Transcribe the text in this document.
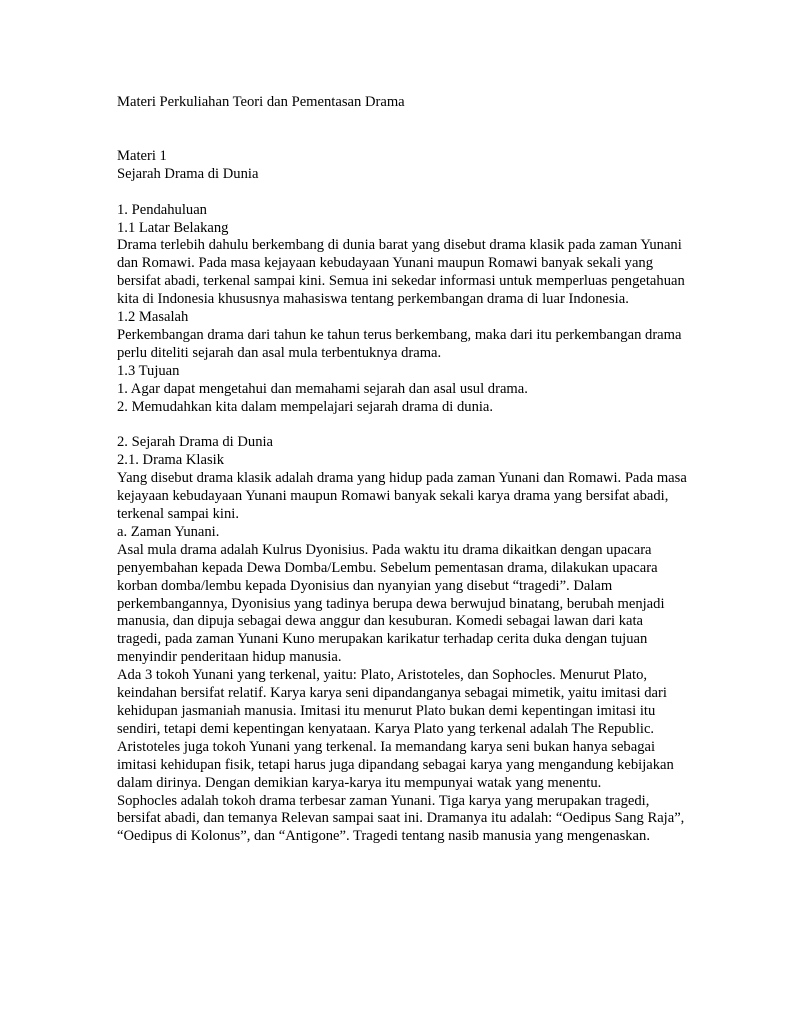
Materi Perkuliahan Teori dan Pementasan Drama

Materi 1

Sejarah Drama di Dunia

1. Pendahuluan

1.1 Latar Belakang

Drama terlebih dahulu berkembang di dunia barat yang disebut drama klasik pada zaman Yunani dan Romawi. Pada masa kejayaan kebudayaan Yunani maupun Romawi banyak sekali yang bersifat abadi, terkenal sampai kini. Semua ini sekedar informasi untuk memperluas pengetahuan kita di Indonesia khususnya mahasiswa tentang perkembangan drama di luar Indonesia.

1.2 Masalah

Perkembangan drama dari tahun ke tahun terus berkembang, maka dari itu perkembangan drama perlu diteliti sejarah dan asal mula terbentuknya drama.

1.3 Tujuan

1. Agar dapat mengetahui dan memahami sejarah dan asal usul drama.

2. Memudahkan kita dalam mempelajari sejarah drama di dunia.

2. Sejarah Drama di Dunia

2.1. Drama Klasik

Yang disebut drama klasik adalah drama yang hidup pada zaman Yunani dan Romawi. Pada masa kejayaan kebudayaan Yunani maupun Romawi banyak sekali karya drama yang bersifat abadi, terkenal sampai kini.

a. Zaman Yunani.

Asal mula drama adalah Kulrus Dyonisius. Pada waktu itu drama dikaitkan dengan upacara penyembahan kepada Dewa Domba/Lembu. Sebelum pementasan drama, dilakukan upacara korban domba/lembu kepada Dyonisius dan nyanyian yang disebut “tragedi”. Dalam perkembangannya, Dyonisius yang tadinya berupa dewa berwujud binatang, berubah menjadi manusia, dan dipuja sebagai dewa anggur dan kesuburan. Komedi sebagai lawan dari kata tragedi, pada zaman Yunani Kuno merupakan karikatur terhadap cerita duka dengan tujuan menyindir penderitaan hidup manusia.

Ada 3 tokoh Yunani yang terkenal, yaitu: Plato, Aristoteles, dan Sophocles. Menurut Plato, keindahan bersifat relatif. Karya karya seni dipandanganya sebagai mimetik, yaitu imitasi dari kehidupan jasmaniah manusia. Imitasi itu menurut Plato bukan demi kepentingan imitasi itu sendiri, tetapi demi kepentingan kenyataan. Karya Plato yang terkenal adalah The Republic.

Aristoteles juga tokoh Yunani yang terkenal. Ia memandang karya seni bukan hanya sebagai imitasi kehidupan fisik, tetapi harus juga dipandang sebagai karya yang mengandung kebijakan dalam dirinya. Dengan demikian karya-karya itu mempunyai watak yang menentu.

Sophocles adalah tokoh drama terbesar zaman Yunani. Tiga karya yang merupakan tragedi, bersifat abadi, dan temanya Relevan sampai saat ini. Dramanya itu adalah: “Oedipus Sang Raja”, “Oedipus di Kolonus”, dan “Antigone”. Tragedi tentang nasib manusia yang mengenaskan.
